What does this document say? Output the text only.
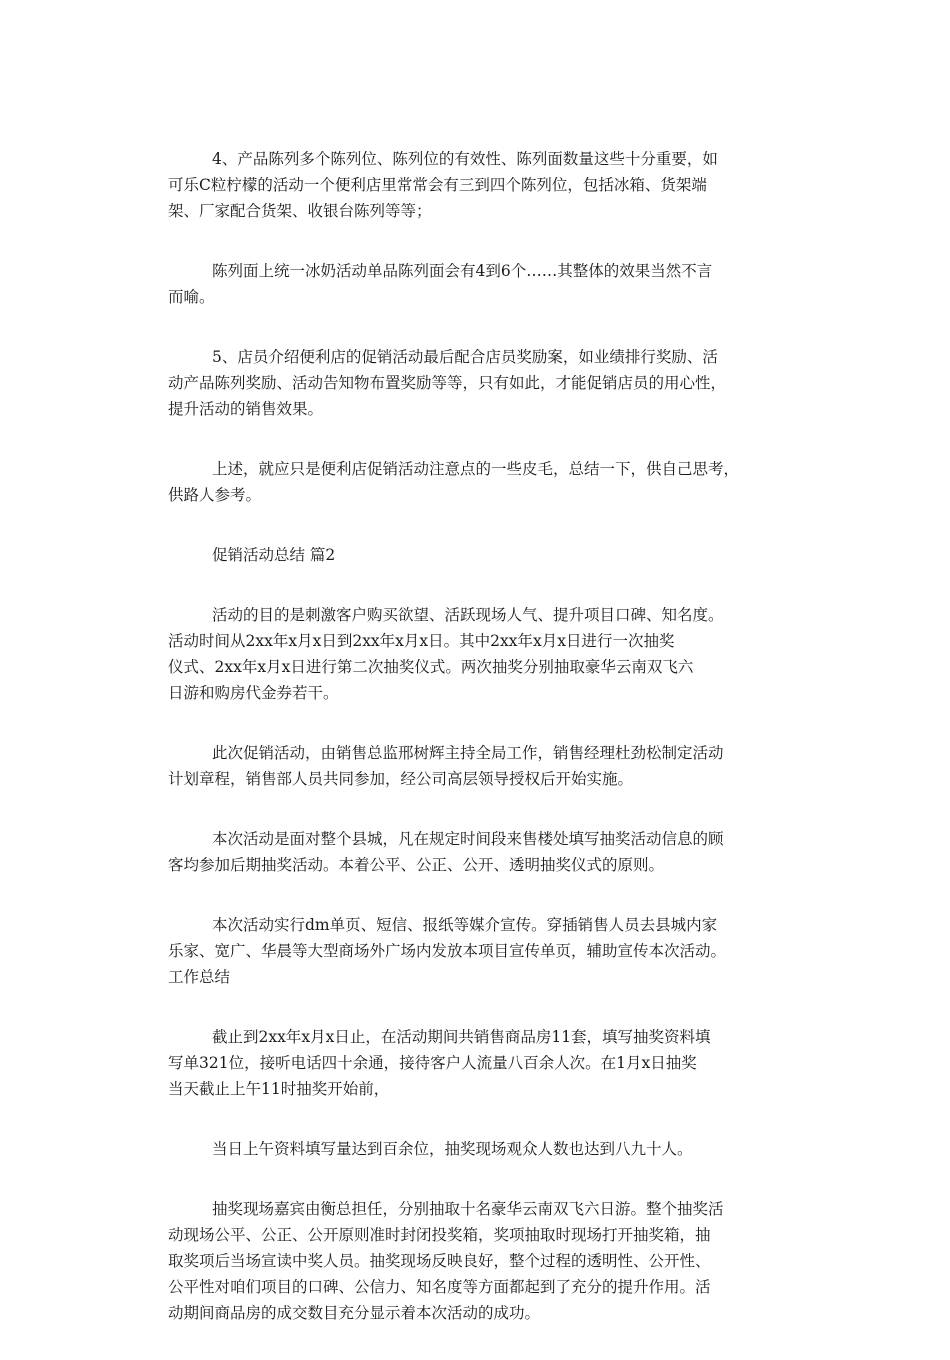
4、产品陈列多个陈列位、陈列位的有效性、陈列面数量这些十分重要，如
可乐C粒柠檬的活动一个便利店里常常会有三到四个陈列位，包括冰箱、货架端
架、厂家配合货架、收银台陈列等等；

陈列面上统一冰奶活动单品陈列面会有4到6个……其整体的效果当然不言
而喻。

5、店员介绍便利店的促销活动最后配合店员奖励案，如业绩排行奖励、活
动产品陈列奖励、活动告知物布置奖励等等，只有如此，才能促销店员的用心性，
提升活动的销售效果。

上述，就应只是便利店促销活动注意点的一些皮毛，总结一下，供自己思考，
供路人参考。

促销活动总结 篇2

活动的目的是刺激客户购买欲望、活跃现场人气、提升项目口碑、知名度。
活动时间从2xx年x月x日到2xx年x月x日。其中2xx年x月x日进行一次抽奖
仪式、2xx年x月x日进行第二次抽奖仪式。两次抽奖分别抽取豪华云南双飞六
日游和购房代金券若干。

此次促销活动，由销售总监邢树辉主持全局工作，销售经理杜劲松制定活动
计划章程，销售部人员共同参加，经公司高层领导授权后开始实施。

本次活动是面对整个县城，凡在规定时间段来售楼处填写抽奖活动信息的顾
客均参加后期抽奖活动。本着公平、公正、公开、透明抽奖仪式的原则。

本次活动实行dm单页、短信、报纸等媒介宣传。穿插销售人员去县城内家
乐家、宽广、华晨等大型商场外广场内发放本项目宣传单页，辅助宣传本次活动。
工作总结

截止到2xx年x月x日止，在活动期间共销售商品房11套，填写抽奖资料填
写单321位，接听电话四十余通，接待客户人流量八百余人次。在1月x日抽奖
当天截止上午11时抽奖开始前，

当日上午资料填写量达到百余位，抽奖现场观众人数也达到八九十人。

抽奖现场嘉宾由衡总担任，分别抽取十名豪华云南双飞六日游。整个抽奖活
动现场公平、公正、公开原则准时封闭投奖箱，奖项抽取时现场打开抽奖箱，抽
取奖项后当场宣读中奖人员。抽奖现场反映良好，整个过程的透明性、公开性、
公平性对咱们项目的口碑、公信力、知名度等方面都起到了充分的提升作用。活
动期间商品房的成交数目充分显示着本次活动的成功。
